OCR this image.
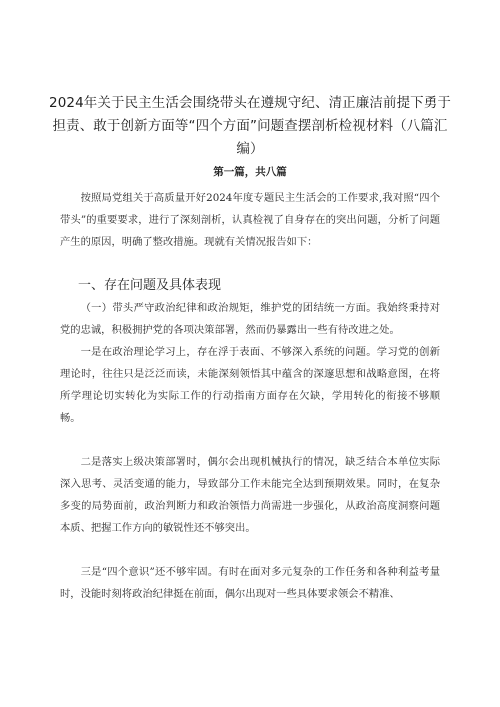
2024年关于民主生活会围绕带头在遵规守纪、清正廉洁前提下勇于担责、敢于创新方面等“四个方面”问题查摆剖析检视材料（八篇汇编）
第一篇，共八篇

按照局党组关于高质量开好2024年度专题民主生活会的工作要求,我对照“四个带头”的重要要求，进行了深刻剖析，认真检视了自身存在的突出问题，分析了问题产生的原因，明确了整改措施。现就有关情况报告如下：

一、存在问题及具体表现

（一）带头严守政治纪律和政治规矩，维护党的团结统一方面。我始终秉持对党的忠诚，积极拥护党的各项决策部署，然而仍暴露出一些有待改进之处。

一是在政治理论学习上，存在浮于表面、不够深入系统的问题。学习党的创新理论时，往往只是泛泛而读，未能深刻领悟其中蕴含的深邃思想和战略意图，在将所学理论切实转化为实际工作的行动指南方面存在欠缺，学用转化的衔接不够顺畅。

二是落实上级决策部署时，偶尔会出现机械执行的情况，缺乏结合本单位实际深入思考、灵活变通的能力，导致部分工作未能完全达到预期效果。同时，在复杂多变的局势面前，政治判断力和政治领悟力尚需进一步强化，从政治高度洞察问题本质、把握工作方向的敏锐性还不够突出。

三是“四个意识”还不够牢固。有时在面对多元复杂的工作任务和各种利益考量时，没能时刻将政治纪律挺在前面，偶尔出现对一些具体要求领会不精准、
